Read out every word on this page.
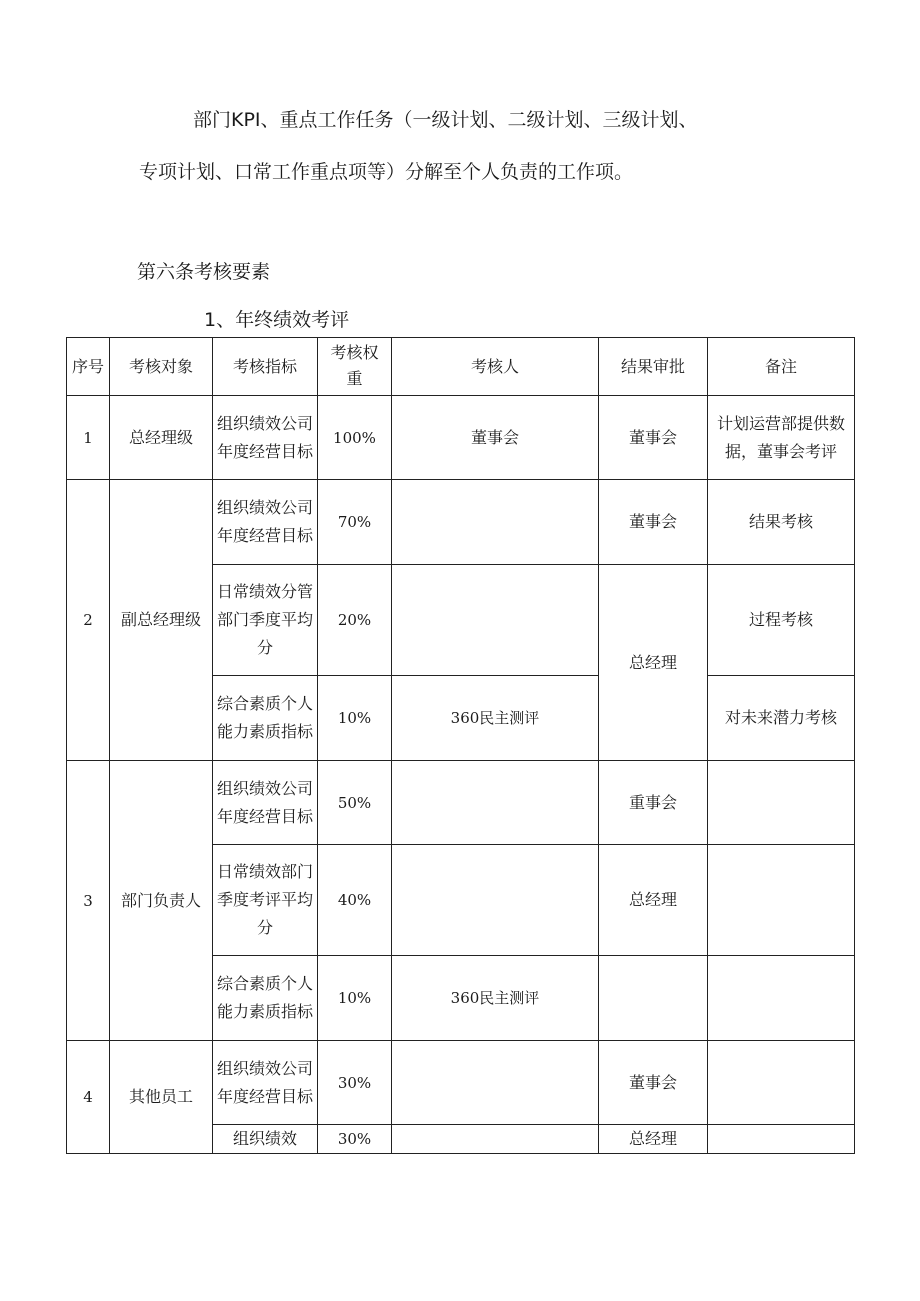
部门KPI、重点工作任务（一级计划、二级计划、三级计划、
专项计划、口常工作重点项等）分解至个人负责的工作项。
第六条考核要素
1、年终绩效考评
序号	考核对象	考核指标	考核权重	考核人	结果审批	备注
1	总经理级	组织绩效公司年度经营目标	100%	董事会	董事会	计划运营部提供数据，董事会考评
2	副总经理级	组织绩效公司年度经营目标	70%		董事会	结果考核
		日常绩效分管部门季度平均分	20%		总经理	过程考核
		综合素质个人能力素质指标	10%	360民主测评		对未来潜力考核
3	部门负责人	组织绩效公司年度经营目标	50%		重事会	
		日常绩效部门季度考评平均分	40%		总经理	
		综合素质个人能力素质指标	10%	360民主测评		
4	其他员工	组织绩效公司年度经营目标	30%		董事会	
		组织绩效	30%		总经理	
